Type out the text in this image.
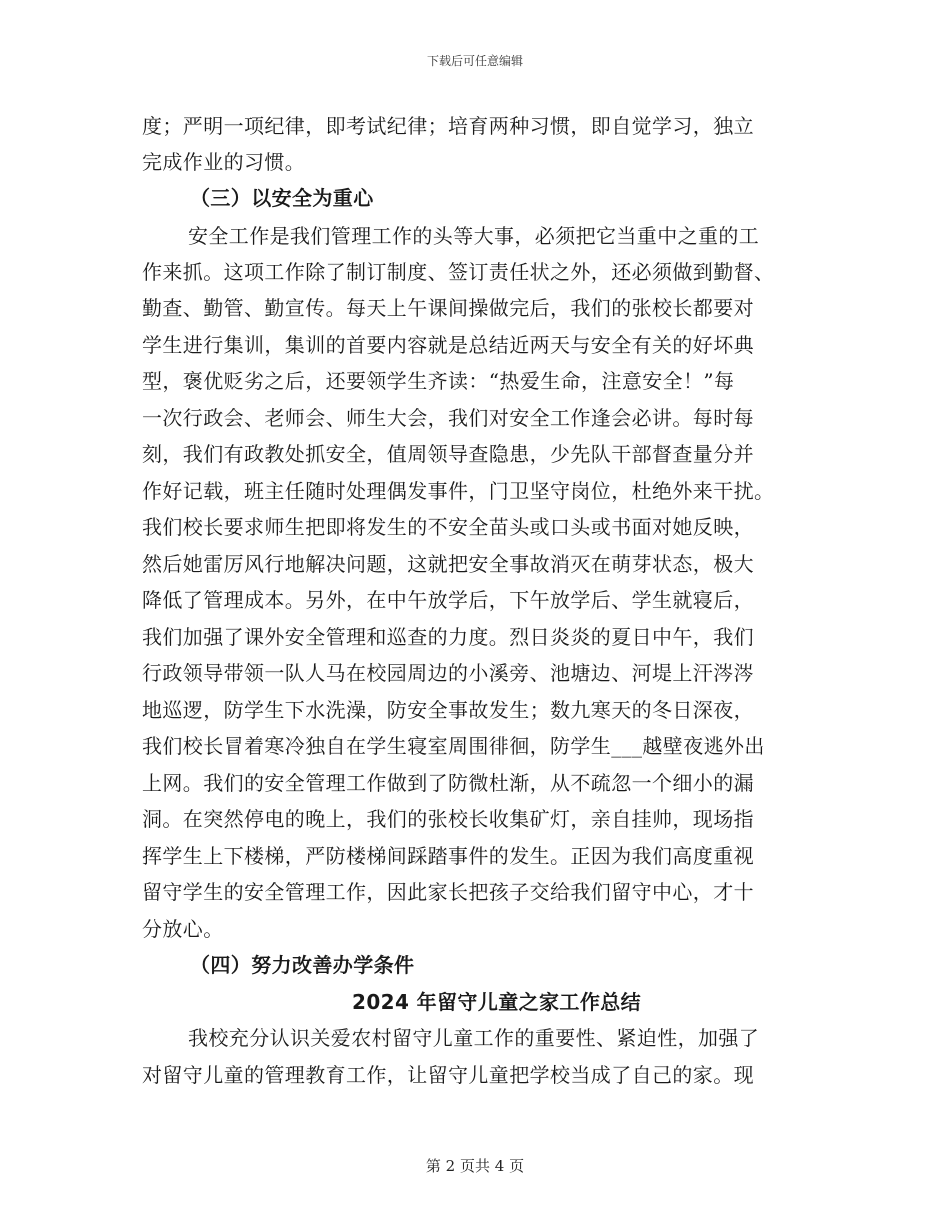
下载后可任意编辑
度；严明一项纪律，即考试纪律；培育两种习惯，即自觉学习，独立
完成作业的习惯。
（三）以安全为重心
安全工作是我们管理工作的头等大事，必须把它当重中之重的工
作来抓。这项工作除了制订制度、签订责任状之外，还必须做到勤督、
勤查、勤管、勤宣传。每天上午课间操做完后，我们的张校长都要对
学生进行集训，集训的首要内容就是总结近两天与安全有关的好坏典
型，褒优贬劣之后，还要领学生齐读：“热爱生命，注意安全！”每
一次行政会、老师会、师生大会，我们对安全工作逢会必讲。每时每
刻，我们有政教处抓安全，值周领导查隐患，少先队干部督查量分并
作好记载，班主任随时处理偶发事件，门卫坚守岗位，杜绝外来干扰。
我们校长要求师生把即将发生的不安全苗头或口头或书面对她反映，
然后她雷厉风行地解决问题，这就把安全事故消灭在萌芽状态，极大
降低了管理成本。另外，在中午放学后，下午放学后、学生就寝后，
我们加强了课外安全管理和巡查的力度。烈日炎炎的夏日中午，我们
行政领导带领一队人马在校园周边的小溪旁、池塘边、河堤上汗涔涔
地巡逻，防学生下水洗澡，防安全事故发生；数九寒天的冬日深夜，
我们校长冒着寒冷独自在学生寝室周围徘徊，防学生___越壁夜逃外出
上网。我们的安全管理工作做到了防微杜渐，从不疏忽一个细小的漏
洞。在突然停电的晚上，我们的张校长收集矿灯，亲自挂帅，现场指
挥学生上下楼梯，严防楼梯间踩踏事件的发生。正因为我们高度重视
留守学生的安全管理工作，因此家长把孩子交给我们留守中心，才十
分放心。
（四）努力改善办学条件
2024 年留守儿童之家工作总结
我校充分认识关爱农村留守儿童工作的重要性、紧迫性，加强了
对留守儿童的管理教育工作，让留守儿童把学校当成了自己的家。现
第 2 页共 4 页
